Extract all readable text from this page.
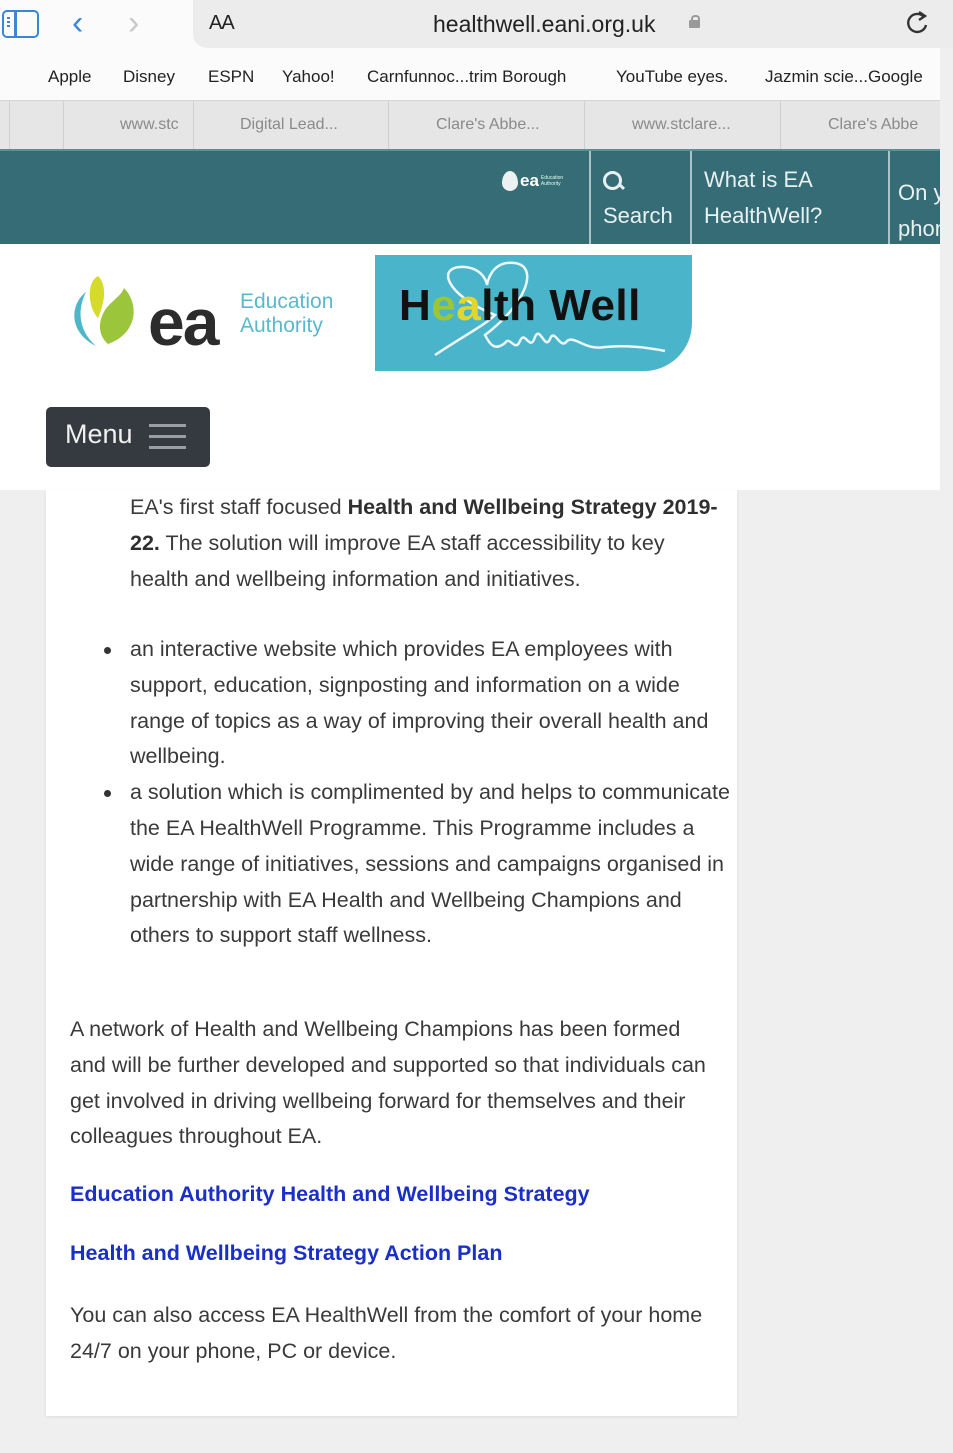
‹ ›	AA	healthwell.eani.org.uk
Apple Disney ESPN Yahoo! Carnfunnoc...trim Borough	YouTube eyes. Jazmin scie...Google
www.stc	Digital Lead...	Clare's Abbe...	www.stclare...	Clare's Abbe
ea Education Authority
Search
What is EA
HealthWell?
On y
phon
ea Education
Authority Health Well
Menu

EA's first staff focused Health and Wellbeing Strategy 2019-22. The solution will improve EA staff accessibility to key health and wellbeing information and initiatives.

an interactive website which provides EA employees with support, education, signposting and information on a wide range of topics as a way of improving their overall health and wellbeing.
a solution which is complimented by and helps to communicate the EA HealthWell Programme. This Programme includes a wide range of initiatives, sessions and campaigns organised in partnership with EA Health and Wellbeing Champions and others to support staff wellness.

A network of Health and Wellbeing Champions has been formed and will be further developed and supported so that individuals can get involved in driving wellbeing forward for themselves and their colleagues throughout EA.

Education Authority Health and Wellbeing Strategy
Health and Wellbeing Strategy Action Plan

You can also access EA HealthWell from the comfort of your home 24/7 on your phone, PC or device.
